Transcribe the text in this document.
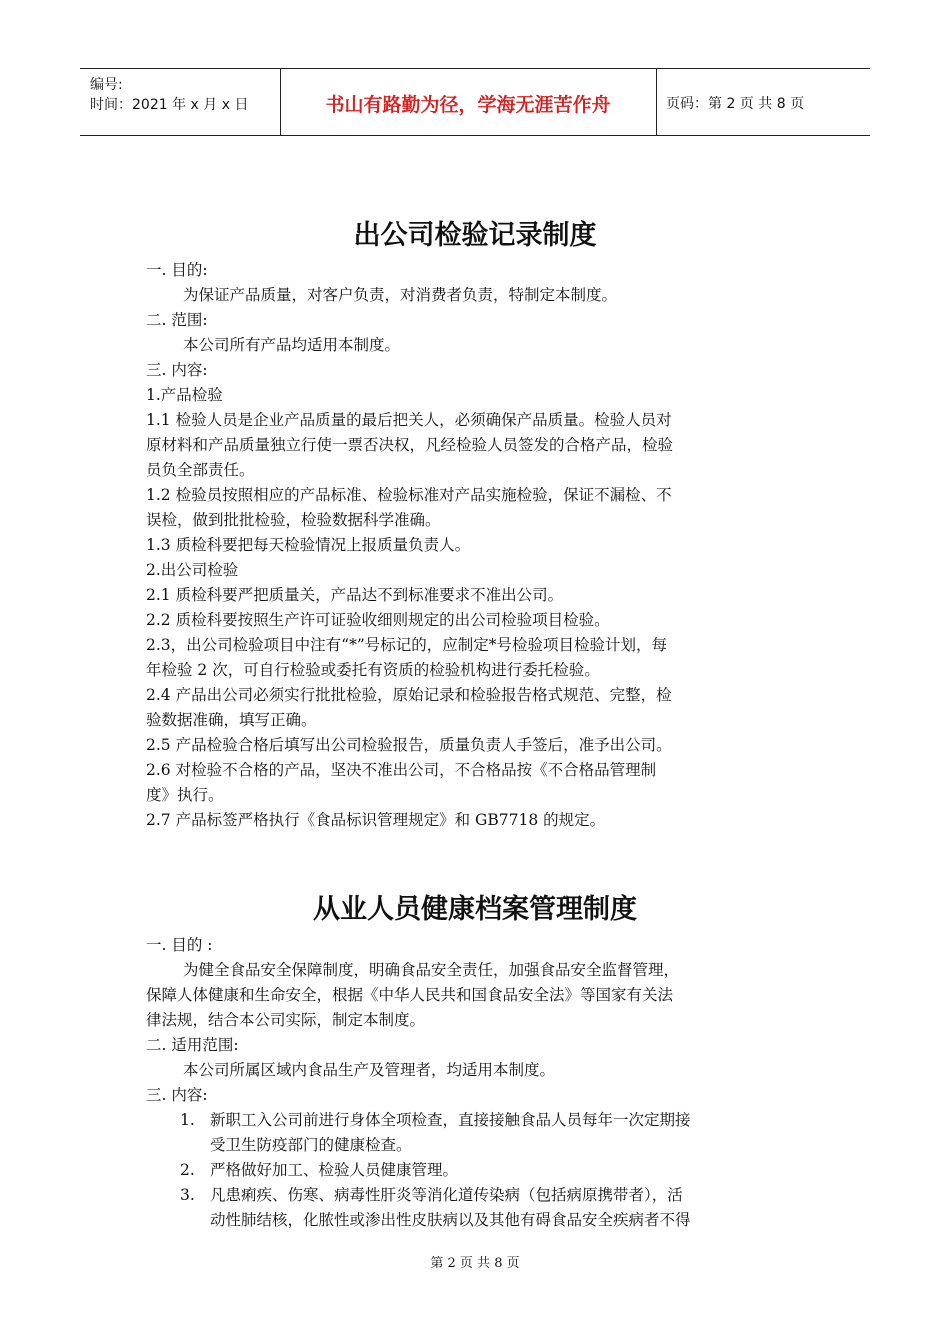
编号:
时间：2021 年 x 月 x 日	书山有路勤为径，学海无涯苦作舟	页码：第 2 页 共 8 页
出公司检验记录制度
一. 目的:
为保证产品质量，对客户负责，对消费者负责，特制定本制度。
二. 范围:
本公司所有产品均适用本制度。
三. 内容:
1.产品检验
1.1 检验人员是企业产品质量的最后把关人，必须确保产品质量。检验人员对
原材料和产品质量独立行使一票否决权，凡经检验人员签发的合格产品，检验
员负全部责任。
1.2 检验员按照相应的产品标准、检验标准对产品实施检验，保证不漏检、不
误检，做到批批检验，检验数据科学准确。
1.3 质检科要把每天检验情况上报质量负责人。
2.出公司检验
2.1 质检科要严把质量关，产品达不到标准要求不准出公司。
2.2 质检科要按照生产许可证验收细则规定的出公司检验项目检验。
2.3，出公司检验项目中注有“*”号标记的，应制定*号检验项目检验计划，每
年检验 2 次，可自行检验或委托有资质的检验机构进行委托检验。
2.4 产品出公司必须实行批批检验，原始记录和检验报告格式规范、完整，检
验数据准确，填写正确。
2.5 产品检验合格后填写出公司检验报告，质量负责人手签后，准予出公司。
2.6 对检验不合格的产品，坚决不准出公司，不合格品按《不合格品管理制
度》执行。
2.7 产品标签严格执行《食品标识管理规定》和 GB7718 的规定。
从业人员健康档案管理制度
一. 目的 :
为健全食品安全保障制度，明确食品安全责任，加强食品安全监督管理，
保障人体健康和生命安全，根据《中华人民共和国食品安全法》等国家有关法
律法规，结合本公司实际，制定本制度。
二. 适用范围:
本公司所属区域内食品生产及管理者，均适用本制度。
三. 内容:
1. 新职工入公司前进行身体全项检查，直接接触食品人员每年一次定期接
受卫生防疫部门的健康检查。
2. 严格做好加工、检验人员健康管理。
3. 凡患痢疾、伤寒、病毒性肝炎等消化道传染病（包括病原携带者），活
动性肺结核，化脓性或渗出性皮肤病以及其他有碍食品安全疾病者不得
第 2 页 共 8 页
